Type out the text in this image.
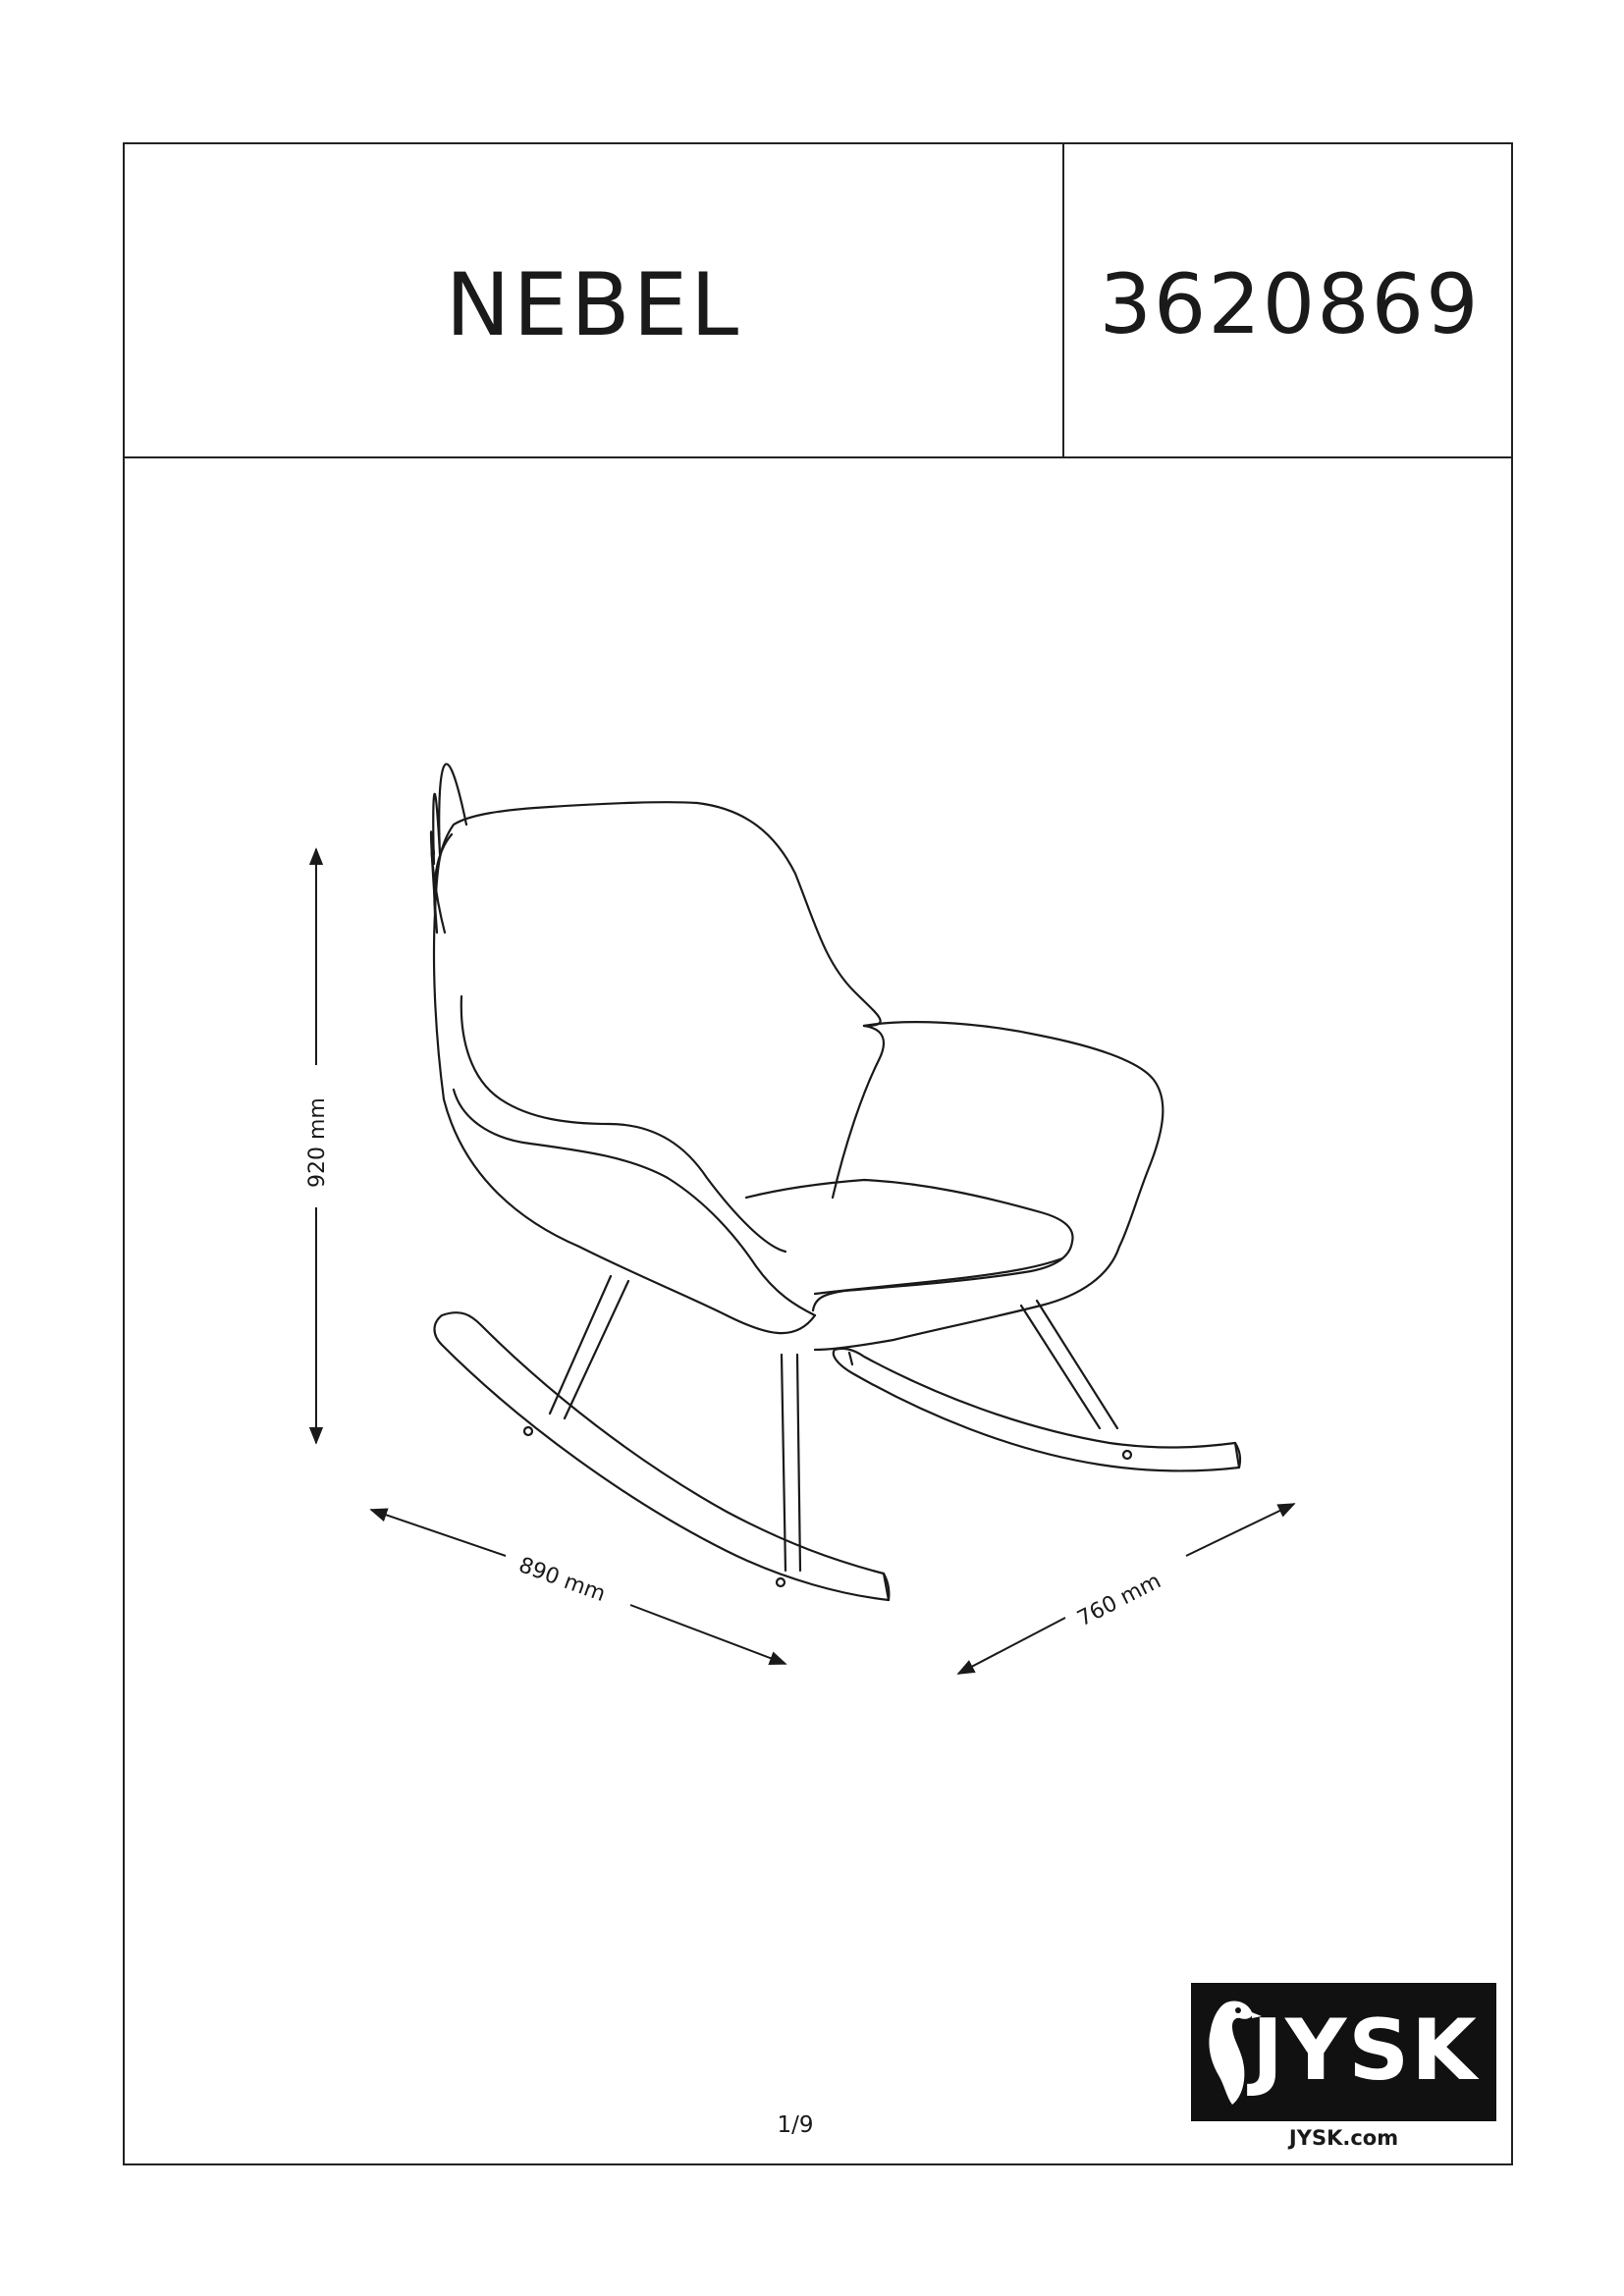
NEBEL	3620869
920 mm
890 mm	760 mm
1/9
JYSK
JYSK.com
